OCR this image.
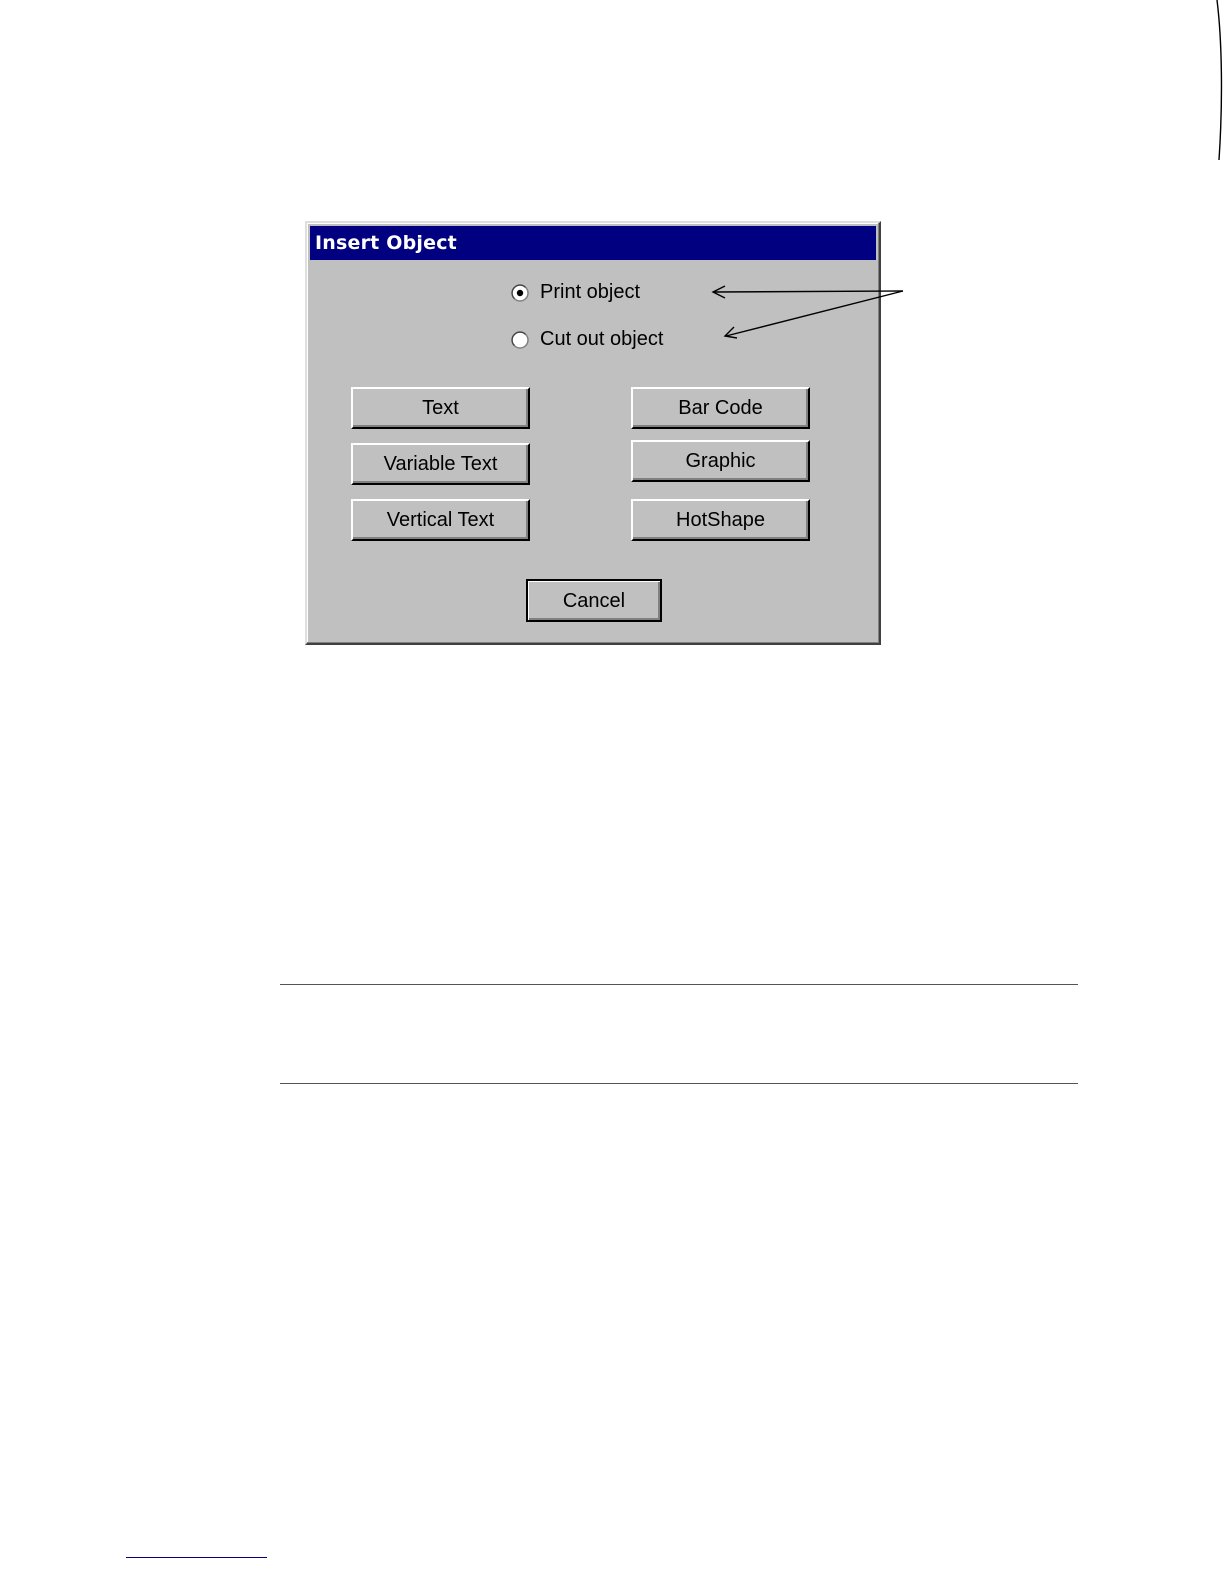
Insert Object
Print object
Cut out object
Text
Variable Text
Vertical Text
Bar Code
Graphic
HotShape
Cancel
